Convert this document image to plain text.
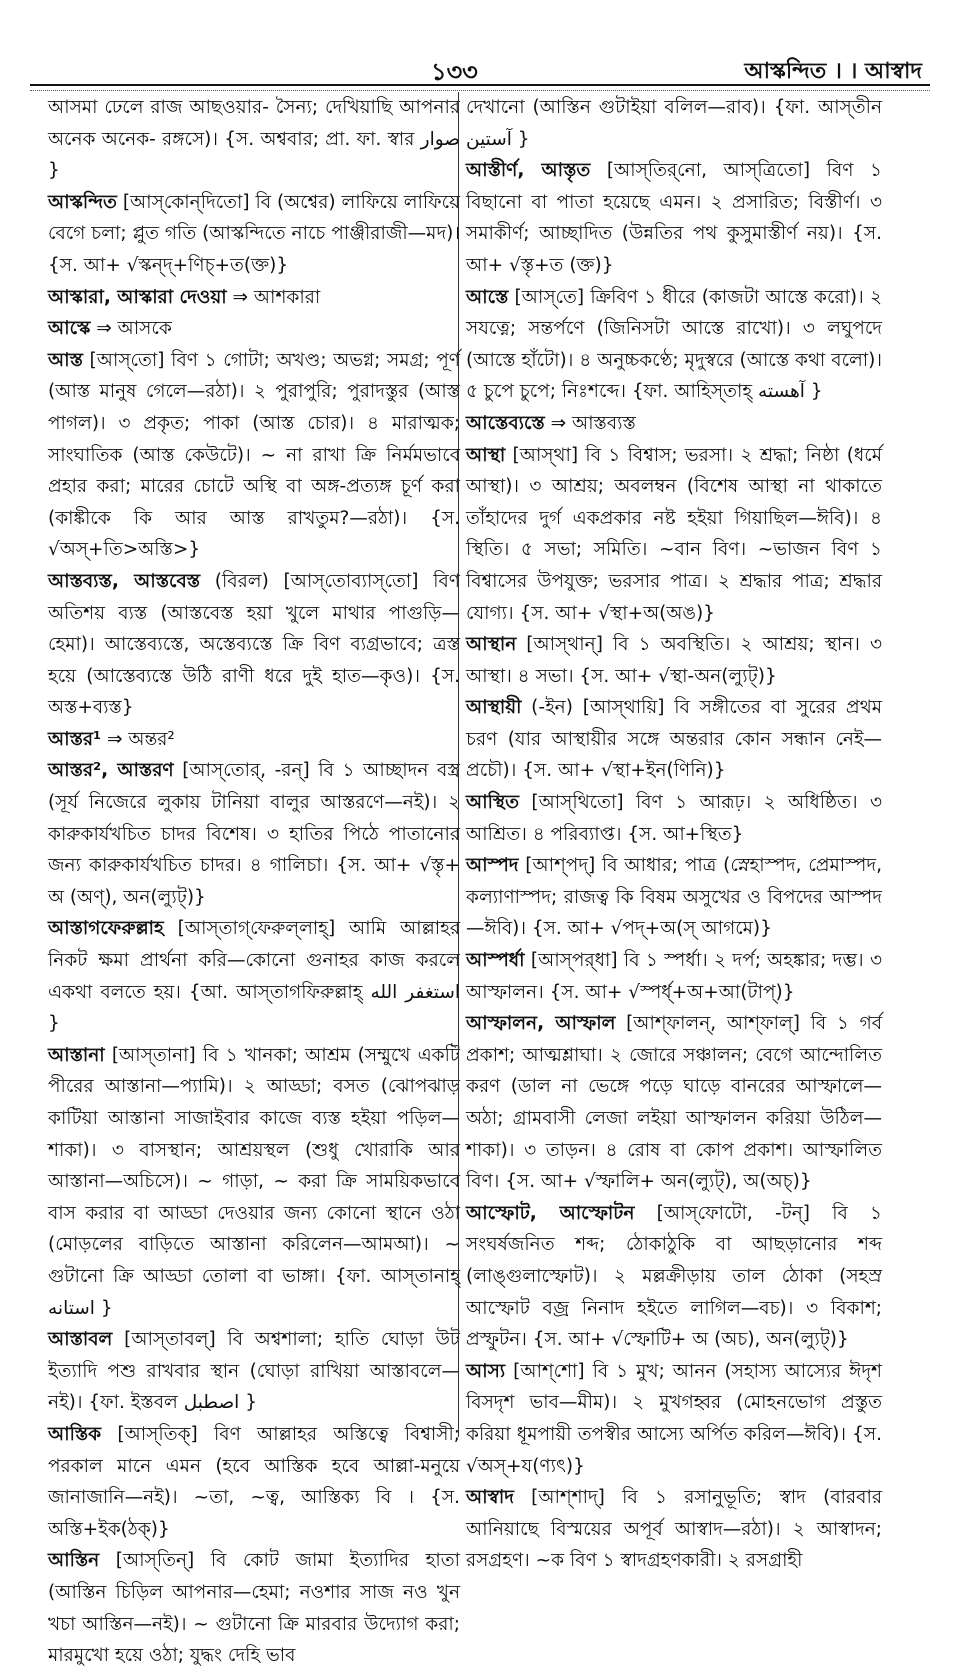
১৩৩	আস্কন্দিত । । আস্বাদ

আসমা ঢেলে রাজ আছওয়ার- সৈন্য; দেখিয়াছি আপনার অনেক অনেক- রঙ্গসে)। {স. অশ্ববার; প্রা. ফা. স্বার صوار }

আস্কন্দিত [আস্‌কোন্‌দিতো] বি (অশ্বের) লাফিয়ে লাফিয়ে বেগে চলা; প্লুত গতি (আস্কন্দিতে নাচে পাঞ্জীরাজী—মদ)। {স. আ+ √স্কন্দ্‌+ণিচ্‌+ত(ক্ত)}

আস্কারা, আস্কারা দেওয়া ⇒ আশকারা

আস্কে ⇒ আসকে

আস্ত [আস্‌তো] বিণ ১ গোটা; অখণ্ড; অভগ্ন; সমগ্র; পূর্ণ (আস্ত মানুষ গেলে—রঠা)। ২ পুরাপুরি; পুরাদস্তুর (আস্ত পাগল)। ৩ প্রকৃত; পাকা (আস্ত চোর)। ৪ মারাত্মক; সাংঘাতিক (আস্ত কেউটে)। ~ না রাখা ক্রি নির্মমভাবে প্রহার করা; মারের চোটে অস্থি বা অঙ্গ-প্রত্যঙ্গ চূর্ণ করা (কাঙ্কীকে কি আর আস্ত রাখতুম?—রঠা)। {স. √অস্‌+তি>অস্তি>}

আস্তব্যস্ত, আস্তবেস্ত (বিরল) [আস্‌তোব্যাস্‌তো] বিণ অতিশয় ব্যস্ত (আস্তবেস্ত হয়া খুলে মাথার পাগুড়ি—হেমা)। আস্তেব্যস্তে, অস্তেব্যস্তে ক্রি বিণ ব্যগ্রভাবে; ত্রস্ত হয়ে (আস্তেব্যস্তে উঠি রাণী ধরে দুই হাত—কৃও)। {স. অস্ত+ব্যস্ত}

আস্তর¹ ⇒ অন্তর²

আস্তর², আস্তরণ [আস্‌তোর্‌, -রন্‌] বি ১ আচ্ছাদন বস্ত্র (সূর্য নিজেরে লুকায় টানিয়া বালুর আস্তরণে—নই)। ২ কারুকার্যখচিত চাদর বিশেষ। ৩ হাতির পিঠে পাতানোর জন্য কারুকার্যখচিত চাদর। ৪ গালিচা। {স. আ+ √স্তৃ+ অ (অণ্‌), অন(ল্যুট্‌)}

আস্তাগফেরুল্লাহ [আস্‌তাগ্‌ফেরুল্‌লাহ্‌] আমি আল্লাহর নিকট ক্ষমা প্রার্থনা করি—কোনো গুনাহর কাজ করলে একথা বলতে হয়। {আ. আস্‌তাগফিরুল্লাহ্‌ استغفر الله }

আস্তানা [আস্‌তানা] বি ১ খানকা; আশ্রম (সম্মুখে একটি পীরের আস্তানা—প্যামি)। ২ আড্ডা; বসত (ঝোপঝাড় কাটিয়া আস্তানা সাজাইবার কাজে ব্যস্ত হইয়া পড়িল—শাকা)। ৩ বাসস্থান; আশ্রয়স্থল (শুধু খোরাকি আর আস্তানা—অচিসে)। ~ গাড়া, ~ করা ক্রি সাময়িকভাবে বাস করার বা আড্ডা দেওয়ার জন্য কোনো স্থানে ওঠা (মোড়লের বাড়িতে আস্তানা করিলেন—আমআ)। ~ গুটানো ক্রি আড্ডা তোলা বা ভাঙ্গা। {ফা. আস্‌তানাহ্‌ استانه }

আস্তাবল [আস্‌তাবল্‌] বি অশ্বশালা; হাতি ঘোড়া উট ইত্যাদি পশু রাখবার স্থান (ঘোড়া রাখিয়া আস্তাবলে—নই)। {ফা. ইস্তবল اصطبل }

আস্তিক [আস্‌তিক্‌] বিণ আল্লাহর অস্তিত্বে বিশ্বাসী; পরকাল মানে এমন (হবে আস্তিক হবে আল্লা-মনুয়ে জানাজানি—নই)। ~তা, ~ত্ব, আস্তিক্য বি । {স. অস্তি+ইক(ঠক্‌)}

আস্তিন [আস্‌তিন্‌] বি কোট জামা ইত্যাদির হাতা (আস্তিন চিড়িল আপনার—হেমা; নওশার সাজ নও খুন খচা আস্তিন—নই)। ~ গুটানো ক্রি মারবার উদ্যোগ করা; মারমুখো হয়ে ওঠা; যুদ্ধং দেহি ভাব

দেখানো (আস্তিন গুটাইয়া বলিল—রাব)। {ফা. আস্‌তীন آستین }

আস্তীর্ণ, আস্তৃত [আস্‌তির্‌নো, আস্‌ত্রিতো] বিণ ১ বিছানো বা পাতা হয়েছে এমন। ২ প্রসারিত; বিস্তীর্ণ। ৩ সমাকীর্ণ; আচ্ছাদিত (উন্নতির পথ কুসুমাস্তীর্ণ নয়)। {স. আ+ √স্তৃ+ত (ক্ত)}

আস্তে [আস্‌তে] ক্রিবিণ ১ ধীরে (কাজটা আস্তে করো)। ২ সযত্নে; সন্তর্পণে (জিনিসটা আস্তে রাখো)। ৩ লঘুপদে (আস্তে হাঁটো)। ৪ অনুচ্চকণ্ঠে; মৃদুস্বরে (আস্তে কথা বলো)। ৫ চুপে চুপে; নিঃশব্দে। {ফা. আহিস্‌তাহ্‌ آهسته }

আস্তেব্যস্তে ⇒ আস্তব্যস্ত

আস্থা [আস্‌থা] বি ১ বিশ্বাস; ভরসা। ২ শ্রদ্ধা; নিষ্ঠা (ধর্মে আস্থা)। ৩ আশ্রয়; অবলম্বন (বিশেষ আস্থা না থাকাতে তাঁহাদের দুর্গ একপ্রকার নষ্ট হইয়া গিয়াছিল—ঈবি)। ৪ স্থিতি। ৫ সভা; সমিতি। ~বান বিণ। ~ভাজন বিণ ১ বিশ্বাসের উপযুক্ত; ভরসার পাত্র। ২ শ্রদ্ধার পাত্র; শ্রদ্ধার যোগ্য। {স. আ+ √স্থা+অ(অঙ)}

আস্থান [আস্‌থান্‌] বি ১ অবস্থিতি। ২ আশ্রয়; স্থান। ৩ আস্থা। ৪ সভা। {স. আ+ √স্থা-অন(ল্যুট্‌)}

আস্থায়ী (-ইন) [আস্‌থায়ি] বি সঙ্গীতের বা সুরের প্রথম চরণ (যার আস্থায়ীর সঙ্গে অন্তরার কোন সন্ধান নেই—প্রচৌ)। {স. আ+ √স্থা+ইন(ণিনি)}

আস্থিত [আস্‌থিতো] বিণ ১ আরূঢ়। ২ অধিষ্ঠিত। ৩ আশ্রিত। ৪ পরিব্যাপ্ত। {স. আ+স্থিত}

আস্পদ [আশ্‌পদ্‌] বি আধার; পাত্র (স্নেহাস্পদ, প্রেমাস্পদ, কল্যাণাস্পদ; রাজত্ব কি বিষম অসুখের ও বিপদের আস্পদ—ঈবি)। {স. আ+ √পদ্‌+অ(স্‌ আগমে)}

আস্পর্ধা [আস্‌পর্‌ধা] বি ১ স্পর্ধা। ২ দর্প; অহঙ্কার; দম্ভ। ৩ আস্ফালন। {স. আ+ √স্পর্ধ্‌+অ+আ(টাপ্‌)}

আস্ফালন, আস্ফাল [আশ্‌ফালন্‌, আশ্‌ফাল্‌] বি ১ গর্ব প্রকাশ; আত্মশ্লাঘা। ২ জোরে সঞ্চালন; বেগে আন্দোলিত করণ (ডাল না ভেঙ্গে পড়ে ঘাড়ে বানরের আস্ফালে—অঠা; গ্রামবাসী লেজা লইয়া আস্ফালন করিয়া উঠিল—শাকা)। ৩ তাড়ন। ৪ রোষ বা কোপ প্রকাশ। আস্ফালিত বিণ। {স. আ+ √স্ফালি+ অন(ল্যুট্‌), অ(অচ্‌)}

আস্ফোট, আস্ফোটন [আস্‌ফোটো, -টন্‌] বি ১ সংঘর্ষজনিত শব্দ; ঠোকাঠুকি বা আছড়ানোর শব্দ (লাঙ্গুলাস্ফোট)। ২ মল্লক্রীড়ায় তাল ঠোকা (সহস্র আস্ফোট বজ্র নিনাদ হইতে লাগিল—বচ)। ৩ বিকাশ; প্রস্ফুটন। {স. আ+ √স্ফোটি+ অ (অচ), অন(ল্যুট্‌)}

আস্য [আশ্‌শো] বি ১ মুখ; আনন (সহাস্য আস্যের ঈদৃশ বিসদৃশ ভাব—মীম)। ২ মুখগহ্বর (মোহনভোগ প্রস্তুত করিয়া ধূমপায়ী তপস্বীর আস্যে অর্পিত করিল—ঈবি)। {স. √অস্‌+য(ণ্যৎ)}

আস্বাদ [আশ্‌শাদ্‌] বি ১ রসানুভূতি; স্বাদ (বারবার আনিয়াছে বিস্ময়ের অপূর্ব আস্বাদ—রঠা)। ২ আস্বাদন; রসগ্রহণ। ~ক বিণ ১ স্বাদগ্রহণকারী। ২ রসগ্রাহী
